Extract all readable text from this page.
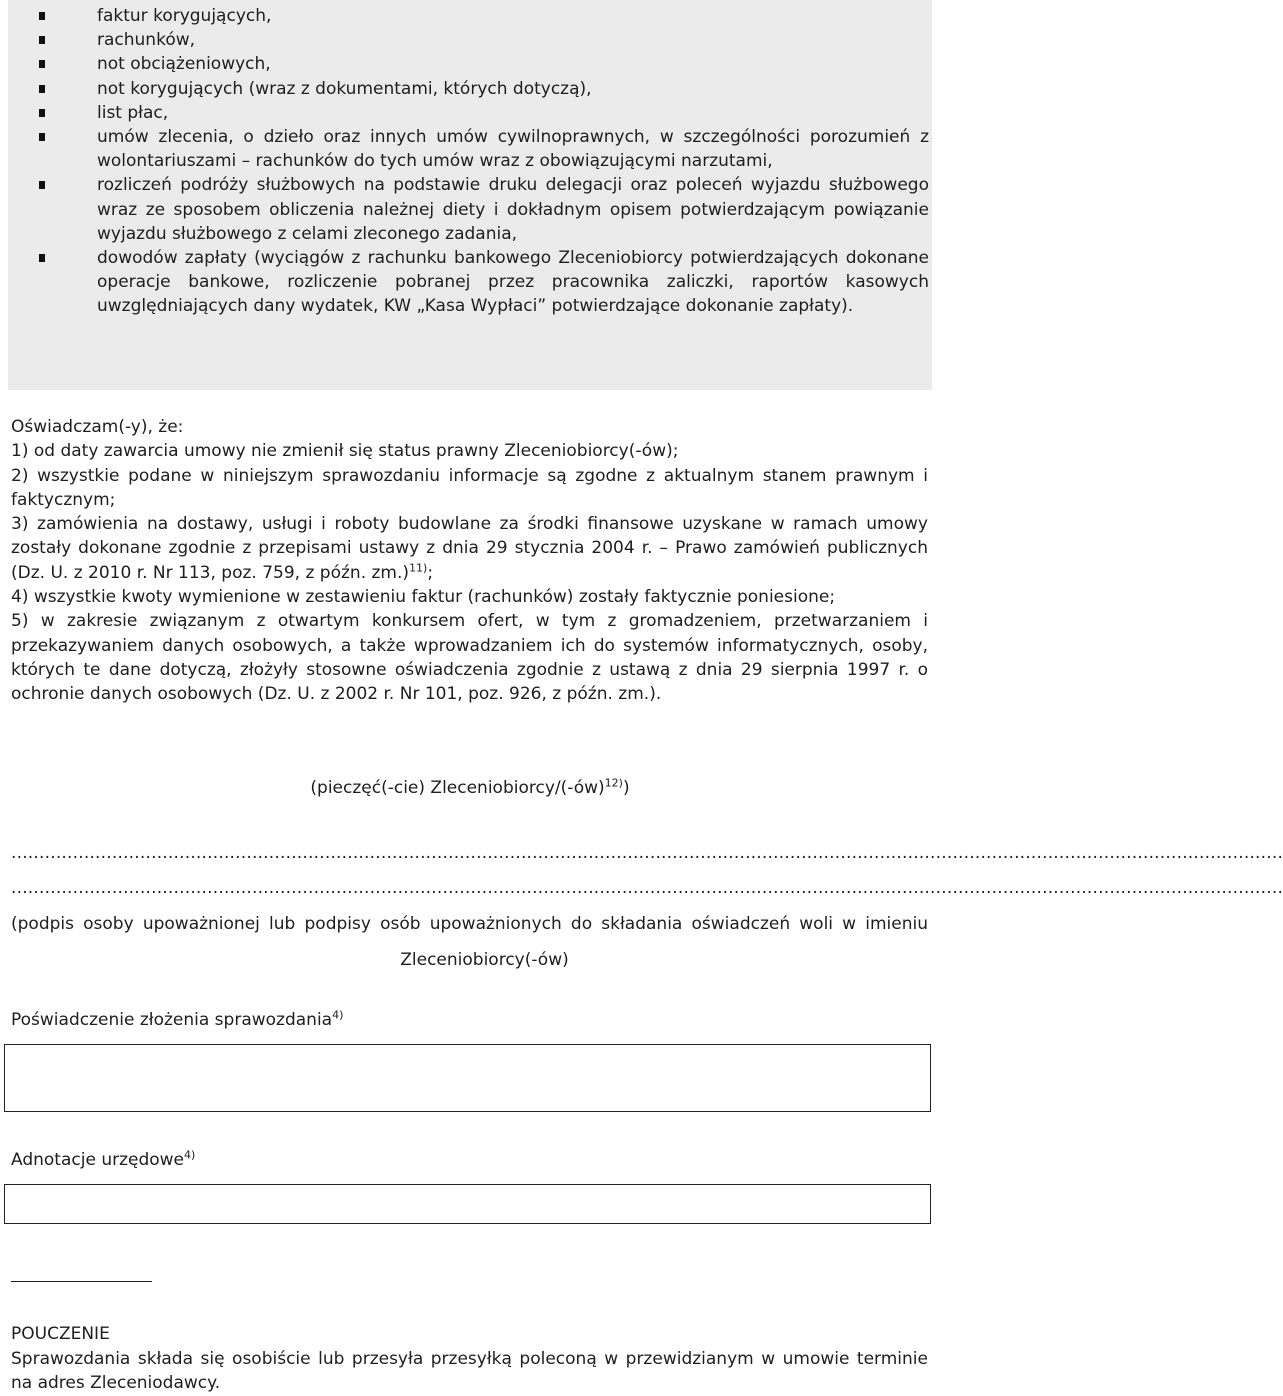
faktur korygujących,
rachunków,
not obciążeniowych,
not korygujących (wraz z dokumentami, których dotyczą),
list płac,
umów zlecenia, o dzieło oraz innych umów cywilnoprawnych, w szczególności porozumień z wolontariuszami – rachunków do tych umów wraz z obowiązującymi narzutami,
rozliczeń podróży służbowych na podstawie druku delegacji oraz poleceń wyjazdu służbowego wraz ze sposobem obliczenia należnej diety i dokładnym opisem potwierdzającym powiązanie wyjazdu służbowego z celami zleconego zadania,
dowodów zapłaty (wyciągów z rachunku bankowego Zleceniobiorcy potwierdzających dokonane operacje bankowe, rozliczenie pobranej przez pracownika zaliczki, raportów kasowych uwzględniających dany wydatek, KW „Kasa Wypłaci” potwierdzające dokonanie zapłaty).

Oświadczam(-y), że:

1) od daty zawarcia umowy nie zmienił się status prawny Zleceniobiorcy(-ów);

2) wszystkie podane w niniejszym sprawozdaniu informacje są zgodne z aktualnym stanem prawnym i faktycznym;

3) zamówienia na dostawy, usługi i roboty budowlane za środki finansowe uzyskane w ramach umowy zostały dokonane zgodnie z przepisami ustawy z dnia 29 stycznia 2004 r. – Prawo zamówień publicznych (Dz. U. z 2010 r. Nr 113, poz. 759, z późn. zm.)$^{11)}$;

4) wszystkie kwoty wymienione w zestawieniu faktur (rachunków) zostały faktycznie poniesione;

5) w zakresie związanym z otwartym konkursem ofert, w tym z gromadzeniem, przetwarzaniem i przekazywaniem danych osobowych, a także wprowadzaniem ich do systemów informatycznych, osoby, których te dane dotyczą, złożyły stosowne oświadczenia zgodnie z ustawą z dnia 29 sierpnia 1997 r. o ochronie danych osobowych (Dz. U. z 2002 r. Nr 101, poz. 926, z późn. zm.).

(pieczęć(-cie) Zleceniobiorcy/(-ów)$^{12)}$)
...................................................................................................................................................................................................................................
...................................................................................................................................................................................................................................
(podpis osoby upoważnionej lub podpisy osób upoważnionych do składania oświadczeń woli w imieniu
Zleceniobiorcy(-ów)
Poświadczenie złożenia sprawozdania$^{4)}$
Adnotacje urzędowe$^{4)}$

POUCZENIE

Sprawozdania składa się osobiście lub przesyła przesyłką poleconą w przewidzianym w umowie terminie na adres Zleceniodawcy.
